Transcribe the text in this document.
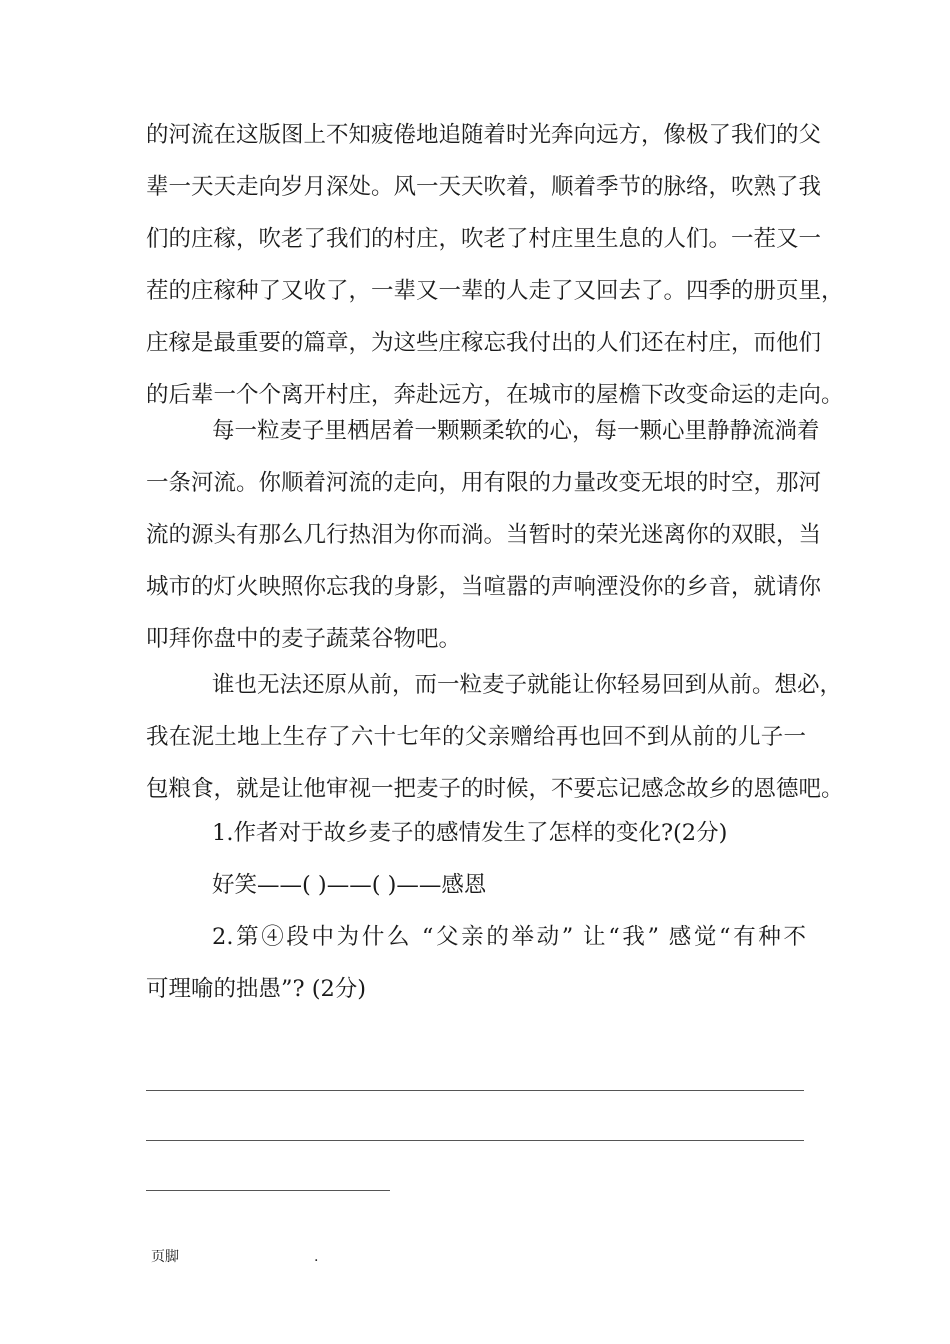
的河流在这版图上不知疲倦地追随着时光奔向远方，像极了我们的父
辈一天天走向岁月深处。风一天天吹着，顺着季节的脉络，吹熟了我
们的庄稼，吹老了我们的村庄，吹老了村庄里生息的人们。一茬又一
茬的庄稼种了又收了，一辈又一辈的人走了又回去了。四季的册页里，
庄稼是最重要的篇章，为这些庄稼忘我付出的人们还在村庄，而他们
的后辈一个个离开村庄，奔赴远方，在城市的屋檐下改变命运的走向。
每一粒麦子里栖居着一颗颗柔软的心，每一颗心里静静流淌着
一条河流。你顺着河流的走向，用有限的力量改变无垠的时空，那河
流的源头有那么几行热泪为你而淌。当暂时的荣光迷离你的双眼，当
城市的灯火映照你忘我的身影，当喧嚣的声响湮没你的乡音，就请你
叩拜你盘中的麦子蔬菜谷物吧。
谁也无法还原从前，而一粒麦子就能让你轻易回到从前。想必，
我在泥土地上生存了六十七年的父亲赠给再也回不到从前的儿子一
包粮食，就是让他审视一把麦子的时候，不要忘记感念故乡的恩德吧。
1.作者对于故乡麦子的感情发生了怎样的变化?(2分)
好笑——( )——( )——感恩
2.第④段中为什么 “父亲的举动” 让“我” 感觉“有种不
可理喻的拙愚”? (2分)
页脚	.
